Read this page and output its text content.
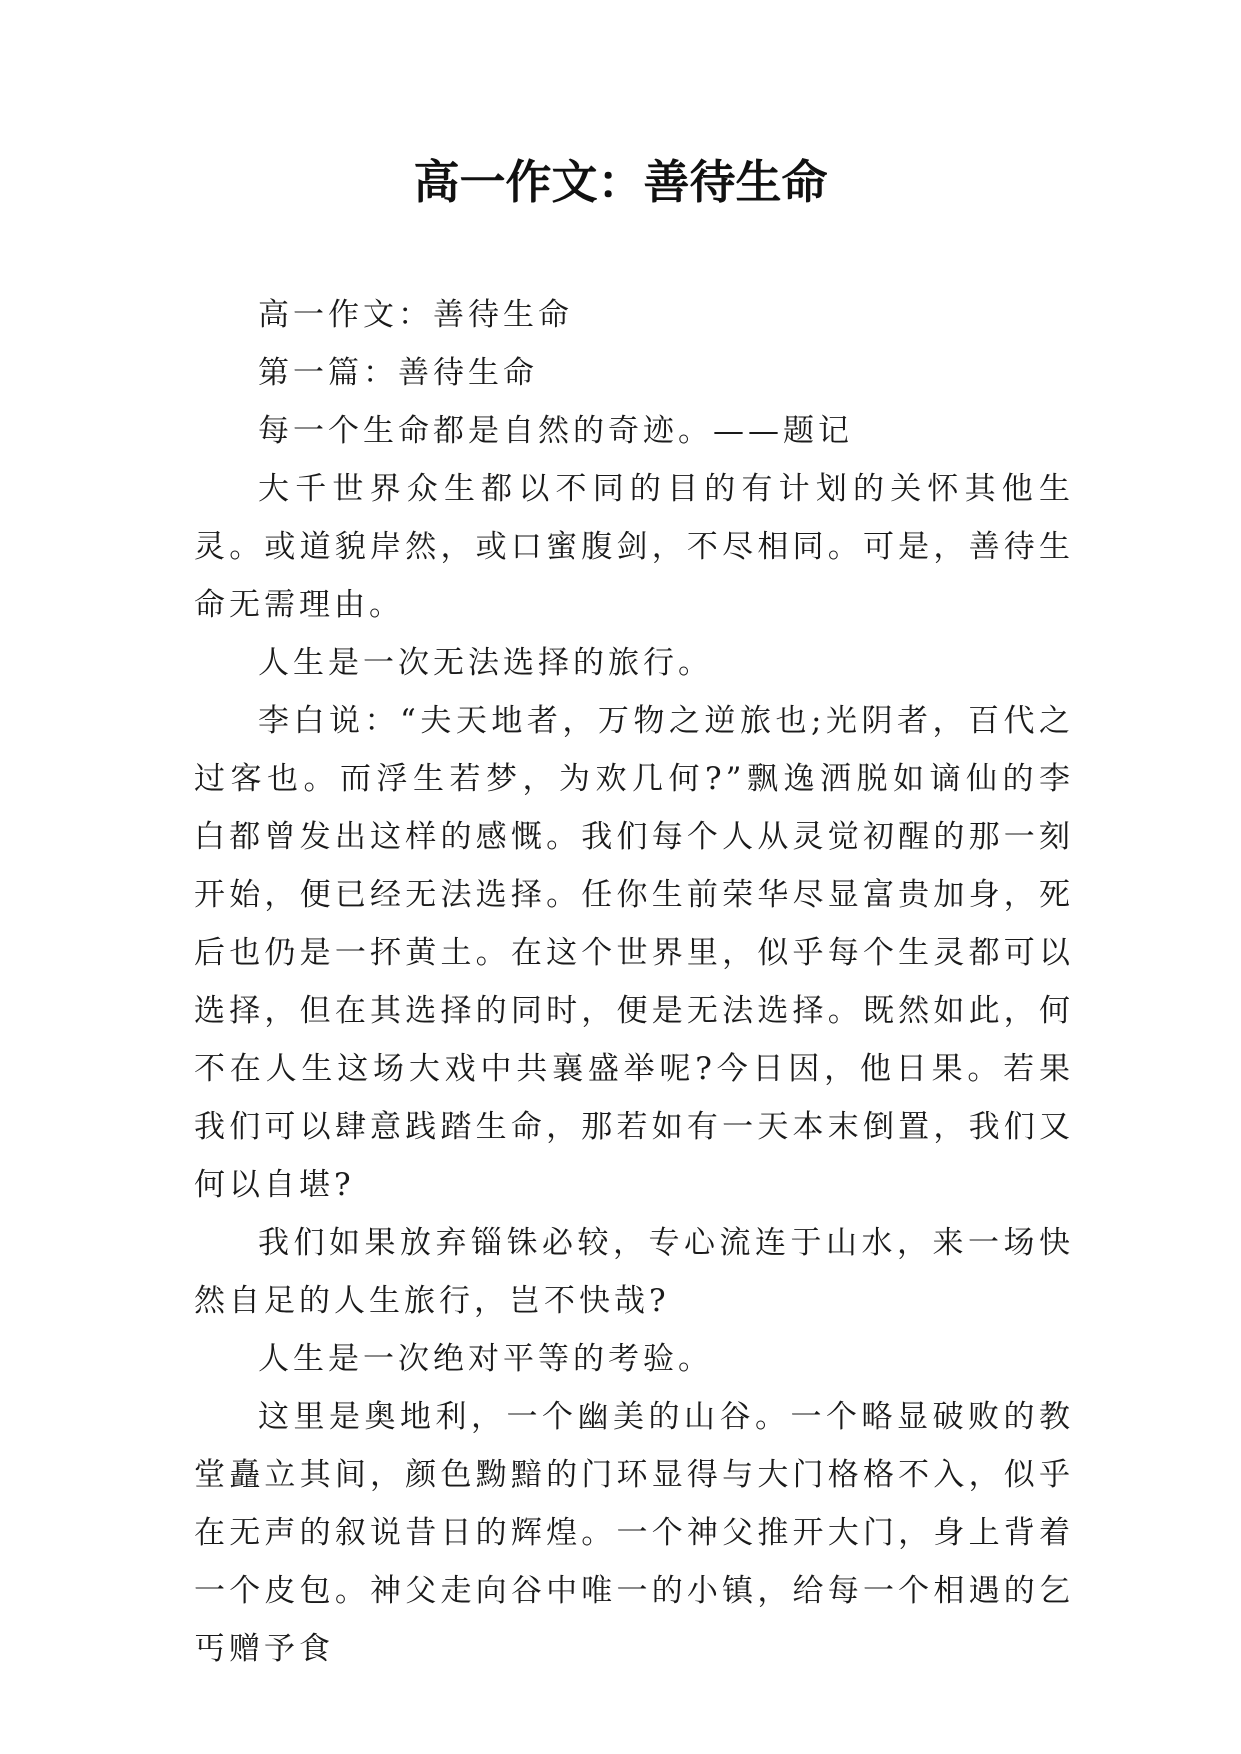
高一作文：善待生命

高一作文：善待生命

第一篇：善待生命

每一个生命都是自然的奇迹。——题记

大千世界众生都以不同的目的有计划的关怀其他生灵。或道貌岸然，或口蜜腹剑，不尽相同。可是，善待生命无需理由。

人生是一次无法选择的旅行。

李白说：“夫天地者，万物之逆旅也;光阴者，百代之过客也。而浮生若梦，为欢几何?”飘逸洒脱如谪仙的李白都曾发出这样的感慨。我们每个人从灵觉初醒的那一刻开始，便已经无法选择。任你生前荣华尽显富贵加身，死后也仍是一抔黄土。在这个世界里，似乎每个生灵都可以选择，但在其选择的同时，便是无法选择。既然如此，何不在人生这场大戏中共襄盛举呢?今日因，他日果。若果我们可以肆意践踏生命，那若如有一天本末倒置，我们又何以自堪?

我们如果放弃锱铢必较，专心流连于山水，来一场快然自足的人生旅行，岂不快哉?

人生是一次绝对平等的考验。

这里是奥地利，一个幽美的山谷。一个略显破败的教堂矗立其间，颜色黝黯的门环显得与大门格格不入，似乎在无声的叙说昔日的辉煌。一个神父推开大门，身上背着一个皮包。神父走向谷中唯一的小镇，给每一个相遇的乞丐赠予食
